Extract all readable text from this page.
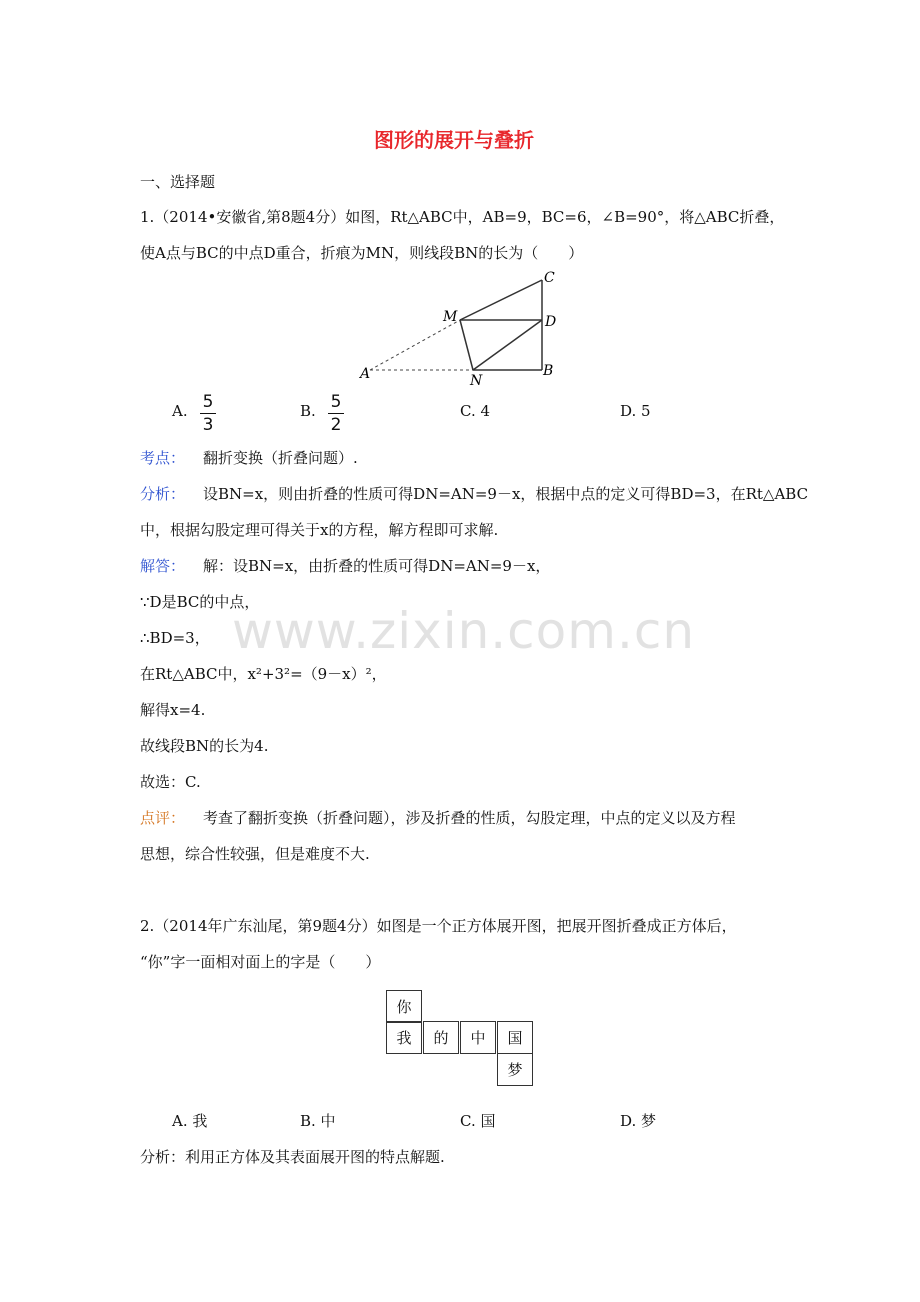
www.zixin.com.cn
图形的展开与叠折
一、选择题
1.（2014•安徽省,第8题4分）如图，Rt△ABC中，AB=9，BC=6，∠B=90°，将△ABC折叠，
使A点与BC的中点D重合，折痕为MN，则线段BN的长为（　　）
C
M	D
A	N
B
A. 5
3
B. 5
2
C. 4	D. 5
考点： 翻折变换（折叠问题）.
分析： 设BN=x，则由折叠的性质可得DN=AN=9－x，根据中点的定义可得BD=3，在Rt△ABC
中，根据勾股定理可得关于x的方程，解方程即可求解.
解答： 解：设BN=x，由折叠的性质可得DN=AN=9－x，
∵D是BC的中点，
∴BD=3，
在Rt△ABC中，x²+3²=（9－x）²，
解得x=4.
故线段BN的长为4.
故选：C.
点评： 考查了翻折变换（折叠问题），涉及折叠的性质，勾股定理，中点的定义以及方程
思想，综合性较强，但是难度不大.
2.（2014年广东汕尾，第9题4分）如图是一个正方体展开图，把展开图折叠成正方体后，
“你”字一面相对面上的字是（　　）
你
我	的	中	国
梦
A. 我	B. 中	C. 国	D. 梦
分析：利用正方体及其表面展开图的特点解题.
